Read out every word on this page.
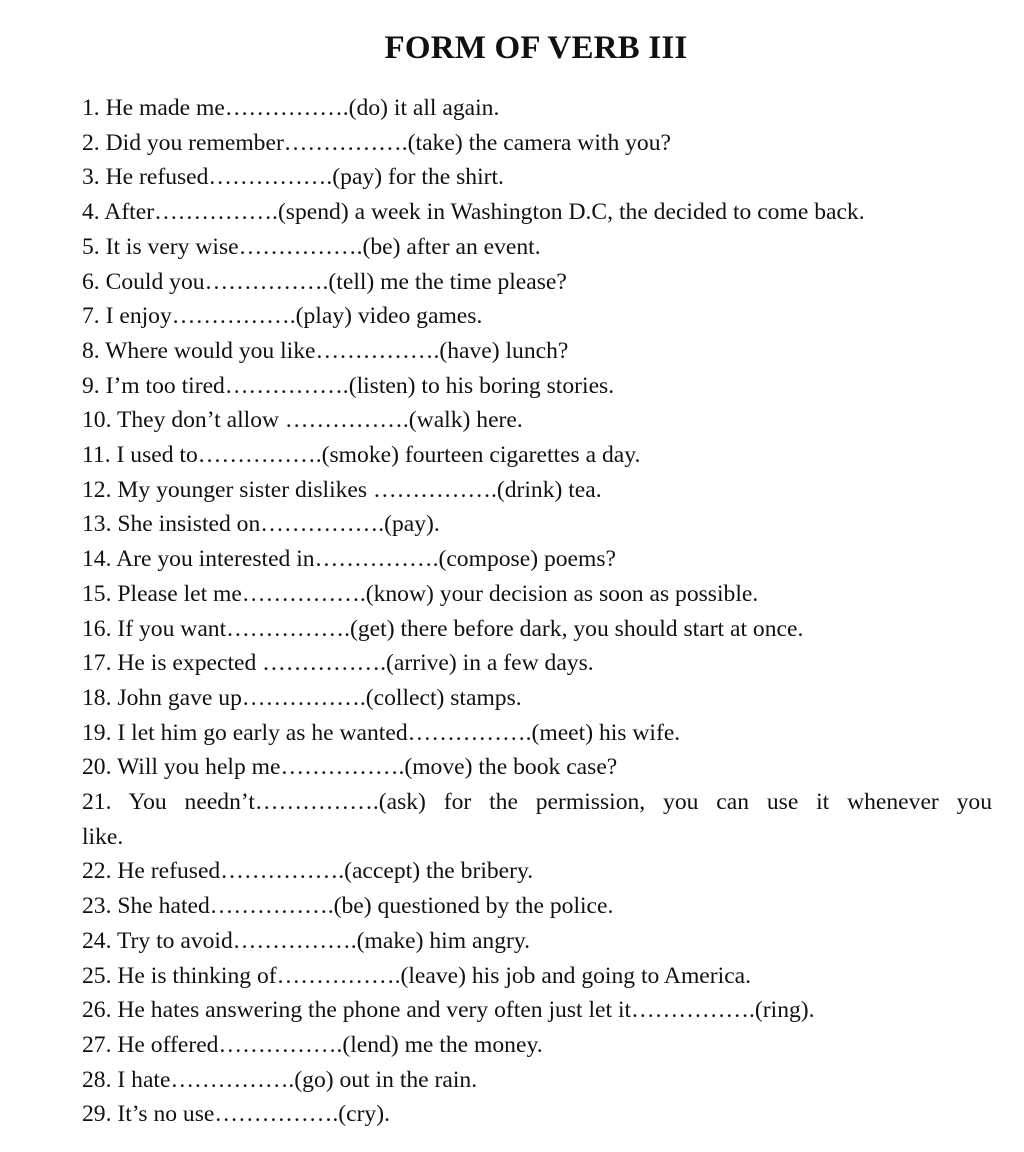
FORM OF VERB III
1. He made me…………….(do) it all again.
2. Did you remember…………….(take) the camera with you?
3. He refused…………….(pay) for the shirt.
4. After…………….(spend) a week in Washington D.C, the decided to come back.
5. It is very wise…………….(be) after an event.
6. Could you…………….(tell) me the time please?
7. I enjoy…………….(play) video games.
8. Where would you like…………….(have) lunch?
9. I’m too tired…………….(listen) to his boring stories.
10. They don’t allow …………….(walk) here.
11. I used to…………….(smoke) fourteen cigarettes a day.
12. My younger sister dislikes …………….(drink) tea.
13. She insisted on…………….(pay).
14. Are you interested in…………….(compose) poems?
15. Please let me…………….(know) your decision as soon as possible.
16. If you want…………….(get) there before dark, you should start at once.
17. He is expected …………….(arrive) in a few days.
18. John gave up…………….(collect) stamps.
19. I let him go early as he wanted…………….(meet) his wife.
20. Will you help me…………….(move) the book case?
21. You needn’t…………….(ask) for the permission, you can use it whenever you
like.
22. He refused…………….(accept) the bribery.
23. She hated…………….(be) questioned by the police.
24. Try to avoid…………….(make) him angry.
25. He is thinking of…………….(leave) his job and going to America.
26. He hates answering the phone and very often just let it…………….(ring).
27. He offered…………….(lend) me the money.
28. I hate…………….(go) out in the rain.
29. It’s no use…………….(cry).
